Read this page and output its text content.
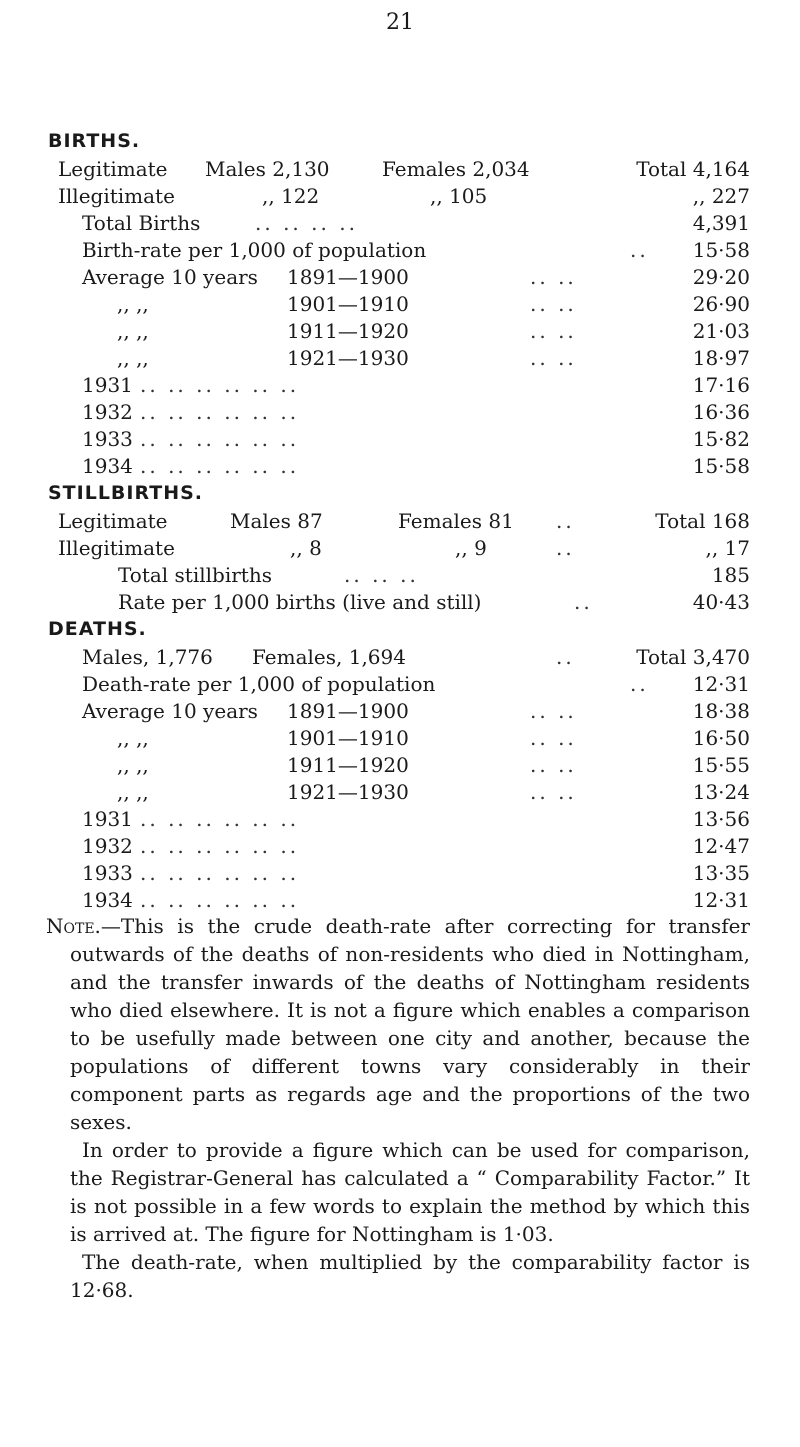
21
BIRTHS.
Legitimate Males 2,130	Females 2,034	Total 4,164
Illegitimate	,, 122	,, 105	,, 227
Total Births	.. .. .. ..	4,391
Birth-rate per 1,000 of population	.. 15·58
Average 10 years 1891—1900	.. ..	29·20
,, ,,	1901—1910	.. ..	26·90
,, ,,	1911—1920	.. ..	21·03
,, ,,	1921—1930	.. ..	18·97
1931 .. .. .. .. .. ..	17·16
1932 .. .. .. .. .. ..	16·36
1933 .. .. .. .. .. ..	15·82
1934 .. .. .. .. .. ..	15·58
STILLBIRTHS.
Legitimate	Males 87	Females 81 ..	Total 168
Illegitimate	,, 8	,, 9	..	,, 17
Total stillbirths	.. .. ..	185
Rate per 1,000 births (live and still)	..	40·43
DEATHS.
Males, 1,776 Females, 1,694	..	Total 3,470
Death-rate per 1,000 of population	.. 12·31
Average 10 years 1891—1900	.. ..	18·38
,, ,,	1901—1910	.. ..	16·50
,, ,,	1911—1920	.. ..	15·55
,, ,,	1921—1930	.. ..	13·24
1931 .. .. .. .. .. ..	13·56
1932 .. .. .. .. .. ..	12·47
1933 .. .. .. .. .. ..	13·35
1934 .. .. .. .. .. ..	12·31

Note.—This is the crude death-rate after correcting for transfer outwards of the deaths of non-residents who died in Nottingham, and the transfer inwards of the deaths of Nottingham residents who died elsewhere. It is not a figure which enables a comparison to be usefully made between one city and another, because the populations of different towns vary considerably in their component parts as regards age and the proportions of the two sexes.

In order to provide a figure which can be used for comparison, the Registrar-General has calculated a “ Comparability Factor.” It is not possible in a few words to explain the method by which this is arrived at. The figure for Nottingham is 1·03.

The death-rate, when multiplied by the comparability factor is 12·68.
